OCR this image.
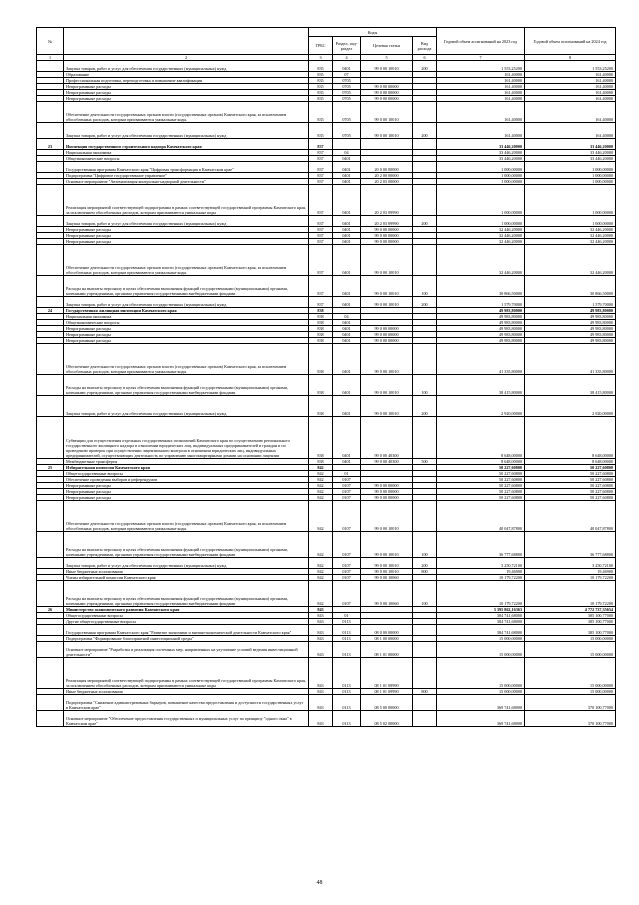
№		Коды				Годовой объем ассигнований на 2023 год	Годовой объем ассигнований на 2024 год
		ГРБС	Раздел, под-раздел	Целевая статья	Вид расхода		
1	2	3	4	5	6	7	8
	Закупка товаров, работ и услуг для обеспечения государственных (муниципальных) нужд	835	0401	99 0 00 10010	200	1 553,25200	1 553,25200
	Образование	835	07			161,40000	161,40000
	Профессиональная подготовка, переподготовка и повышение квалификации	835	0705			161,40000	161,40000
	Непрограммные расходы	835	0705	99 0 00 00000		161,40000	161,40000
	Непрограммные расходы	835	0705	99 0 00 00000		161,40000	161,40000
	Непрограммные расходы	835	0705	99 0 00 00000		161,40000	161,40000
	Обеспечение деятельности государственных органов власти (государственных органов) Камчатского края, за исключением обособленных расходов, которым присваиваются уникальные коды.	835	0705	99 0 00 10010		161,40000	161,40000
	Закупка товаров, работ и услуг для обеспечения государственных (муниципальных) нужд	835	0705	99 0 00 10010	200	161,40000	161,40000
23	Инспекция государственного строительного надзора Камчатского края	837				33 446,20000	33 446,20000
	Национальная экономика	837	04			33 446,20000	33 446,20000
	Общеэкономические вопросы	837	0401			33 446,20000	33 446,20000
	Государственная программа Камчатского края "Цифровая трансформация в Камчатском крае"	837	0401	20 0 00 00000		1 000,00000	1 000,00000
	Подпрограмма "Цифровое государственное управление"	837	0401	20 2 00 00000		1 000,00000	1 000,00000
	Основное мероприятие "Автоматизация контрольно-надзорной деятельности"	837	0401	20 2 03 00000		1 000,00000	1 000,00000
	Реализация мероприятий соответствующей подпрограммы в рамках соответствующей государственной программы Камчатского края, за исключением обособленных расходов, которым присваиваются уникальные коды	837	0401	20 2 03 09990		1 000,00000	1 000,00000
	Закупка товаров, работ и услуг для обеспечения государственных (муниципальных) нужд	837	0401	20 2 03 09990	200	1 000,00000	1 000,00000
	Непрограммные расходы	837	0401	99 0 00 00000		32 446,20000	32 446,20000
	Непрограммные расходы	837	0401	99 0 00 00000		32 446,20000	32 446,20000
	Непрограммные расходы	837	0401	99 0 00 00000		32 446,20000	32 446,20000
	Обеспечение деятельности государственных органов власти (государственных органов) Камчатского края, за исключением обособленных расходов, которым присваиваются уникальные коды.	837	0401	99 0 00 10010		32 446,20000	32 446,20000
	Расходы на выплаты персоналу в целях обеспечения выполнения функций государственными (муниципальными) органами, казенными учреждениями, органами управления государственными внебюджетными фондами	837	0401	99 0 00 10010	100	30 866,50000	30 866,50000
	Закупка товаров, работ и услуг для обеспечения государственных (муниципальных) нужд	837	0401	99 0 00 10010	200	1 579,70000	1 579,70000
24	Государственная жилищная инспекция Камчатского края	838				49 983,80000	49 983,80000
	Национальная экономика	838	04			49 983,80000	49 983,80000
	Общеэкономические вопросы	838	0401			49 983,80000	49 983,80000
	Непрограммные расходы	838	0401	99 0 00 00000		49 983,80000	49 983,80000
	Непрограммные расходы	838	0401	99 0 00 00000		49 983,80000	49 983,80000
	Непрограммные расходы	838	0401	99 0 00 00000		49 983,80000	49 983,80000
	Обеспечение деятельности государственных органов власти (государственных органов) Камчатского края, за исключением обособленных расходов, которым присваиваются уникальные коды.	838	0401	99 0 00 10010		41 335,80000	41 335,80000
	Расходы на выплаты персоналу в целях обеспечения выполнения функций государственными (муниципальными) органами, казенными учреждениями, органами управления государственными внебюджетными фондами	838	0401	99 0 00 10010	100	38 415,80000	38 415,80000
	Закупка товаров, работ и услуг для обеспечения государственных (муниципальных) нужд	838	0401	99 0 00 10010	200	2 920,00000	2 920,00000
	Субвенции для осуществления отдельных государственных полномочий Камчатского края по осуществлению регионального государственного жилищного надзора в отношении юридических лиц, индивидуальных предпринимателей и граждан и по проведению проверок при осуществлении лицензионного контроля в отношении юридических лиц, индивидуальных предпринимателей, осуществляющих деятельность по управлению многоквартирными домами на основании лицензии	838	0401	99 0 00 40300		8 648,00000	8 648,00000
	Межбюджетные трансферты	838	0401	99 0 00 40300	500	8 648,00000	8 648,00000
25	Избирательная комиссия Камчатского края	842				50 227,60800	50 227,60800
	Общегосударственные вопросы	842	01			50 227,60800	50 227,60800
	Обеспечение проведения выборов и референдумов	842	0107			50 227,60800	50 227,60800
	Непрограммные расходы	842	0107	99 0 00 00000		50 227,60800	50 227,60800
	Непрограммные расходы	842	0107	99 0 00 00000		50 227,60800	50 227,60800
	Непрограммные расходы	842	0107	99 0 00 00000		50 227,60800	50 227,60800
	Обеспечение деятельности государственных органов власти (государственных органов) Камчатского края, за исключением обособленных расходов, которым присваиваются уникальные коды.	842	0107	99 0 00 10010		40 047,87800	40 047,87800
	Расходы на выплаты персоналу в целях обеспечения выполнения функций государственными (муниципальными) органами, казенными учреждениями, органами управления государственными внебюджетными фондами	842	0107	99 0 00 10010	100	36 777,68800	36 777,68800
	Закупка товаров, работ и услуг для обеспечения государственных (муниципальных) нужд	842	0107	99 0 00 10010	200	3 250,72100	3 250,72100
	Иные бюджетные ассигнования	842	0107	99 0 00 10010	800	19,46900	19,46900
	Члены избирательной комиссии Камчатского края	842	0107	99 0 00 10060		10 179,72200	10 179,72200
	Расходы на выплаты персоналу в целях обеспечения выполнения функций государственными (муниципальными) органами, казенными учреждениями, органами управления государственными внебюджетными фондами	842	0107	99 0 00 10060	100	10 179,72200	10 179,72200
26	Министерство экономического развития Камчатского края	843				3 395 862,16363	4 772 737,35654
	Общегосударственные вопросы	843	01			384 741,68000	385 100,77000
	Другие общегосударственные вопросы	843	0113			384 741,68000	385 100,77000
	Государственная программа Камчатского края "Развитие экономики и внешнеэкономической деятельности Камчатского края"	843	0113	08 0 00 00000		384 741,68000	385 100,77000
	Подпрограмма "Формирование благоприятной инвестиционной среды"	843	0113	08 1 00 00000		15 000,00000	15 000,00000
	Основное мероприятие "Разработка и реализация системных мер, направленных на улучшение условий ведения инвестиционной деятельности"	843	0113	08 1 01 00000		15 000,00000	15 000,00000
	Реализация мероприятий соответствующей подпрограммы в рамках соответствующей государственной программы Камчатского края, за исключением обособленных расходов, которым присваиваются уникальные коды	843	0113	08 1 01 09990		15 000,00000	15 000,00000
	Иные бюджетные ассигнования	843	0113	08 1 01 09990	800	15 000,00000	15 000,00000
	Подпрограмма "Снижение административных барьеров, повышение качества предоставления и доступности государственных услуг в Камчатском крае"	843	0113	08 5 00 00000		369 741,68000	370 100,77000
	Основное мероприятие "Обеспечение предоставления государственных и муниципальных услуг по принципу "одного окна" в Камчатском крае"	843	0113	08 5 02 00000		369 741,68000	370 100,77000
48
